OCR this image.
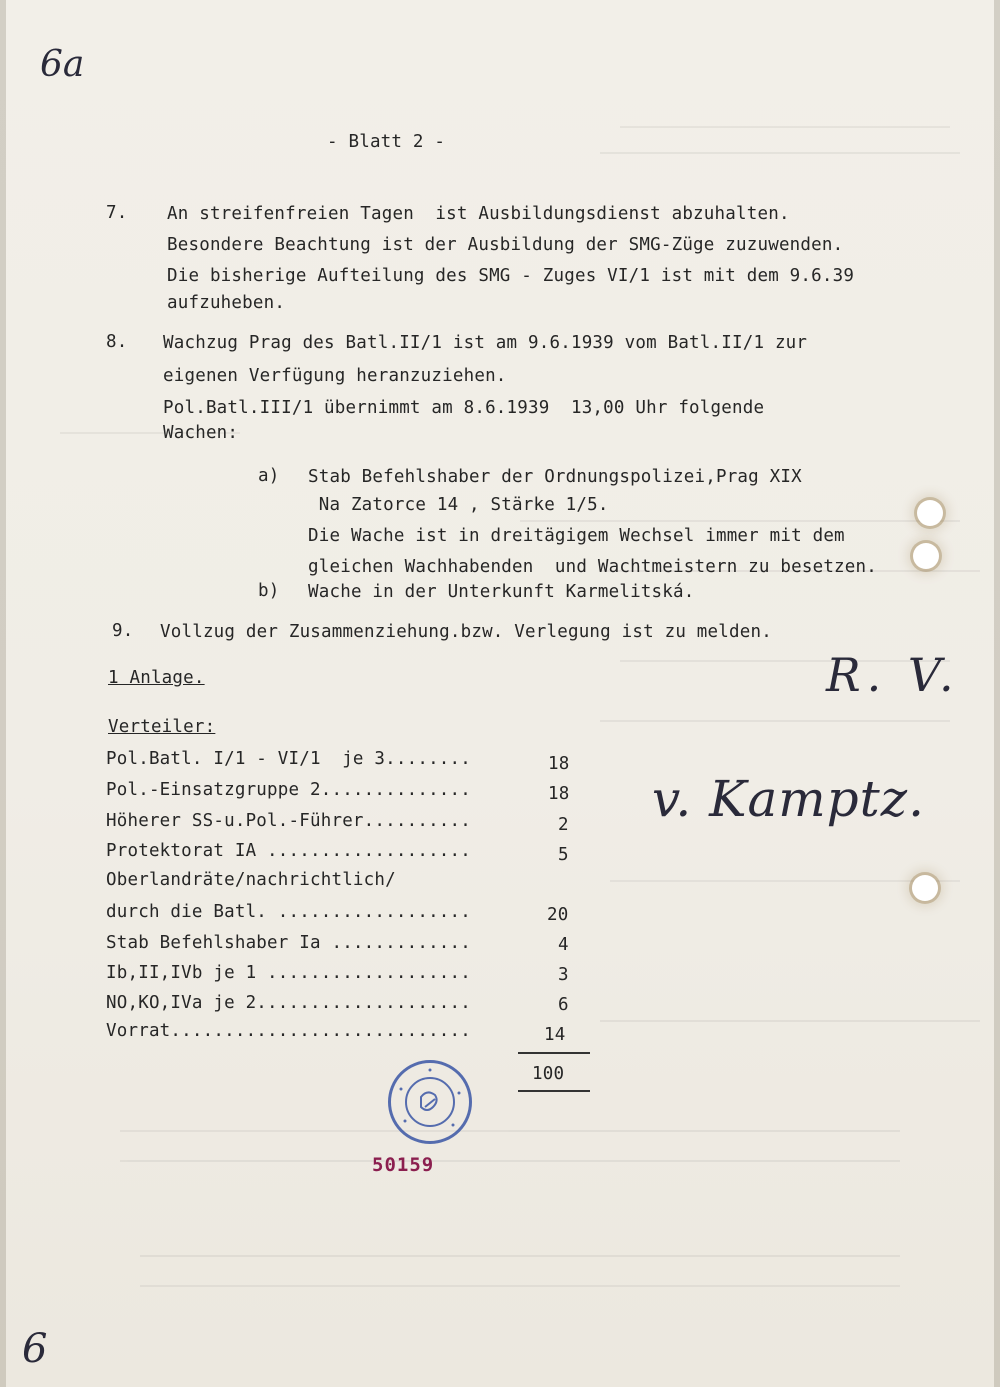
6a
- Blatt 2 -
7. An streifenfreien Tagen  ist Ausbildungsdienst abzuhalten.
Besondere Beachtung ist der Ausbildung der SMG-Züge zuzuwenden.
Die bisherige Aufteilung des SMG - Zuges VI/1 ist mit dem 9.6.39
aufzuheben.
8. Wachzug Prag des Batl.II/1 ist am 9.6.1939 vom Batl.II/1 zur
eigenen Verfügung heranzuziehen.
Pol.Batl.III/1 übernimmt am 8.6.1939  13,00 Uhr folgende
Wachen:
a) Stab Befehlshaber der Ordnungspolizei,Prag XIX
Na Zatorce 14 , Stärke 1/5.
Die Wache ist in dreitägigem Wechsel immer mit dem
gleichen Wachhabenden  und Wachtmeistern zu besetzen.
b) Wache in der Unterkunft Karmelitská.
9. Vollzug der Zusammenziehung.bzw. Verlegung ist zu melden.
1 Anlage.
Verteiler:
Pol.Batl. I/1 - VI/1  je 3........	18
Pol.-Einsatzgruppe 2..............	18
Höherer SS-u.Pol.-Führer..........	2
Protektorat IA ...................	5
Oberlandräte/nachrichtlich/
durch die Batl. ..................	20
Stab Befehlshaber Ia .............	4
Ib,II,IVb je 1 ...................	3
NO,KO,IVa je 2....................	6
Vorrat............................	14
100
R. V.
v. Kamptz.
50159
6
